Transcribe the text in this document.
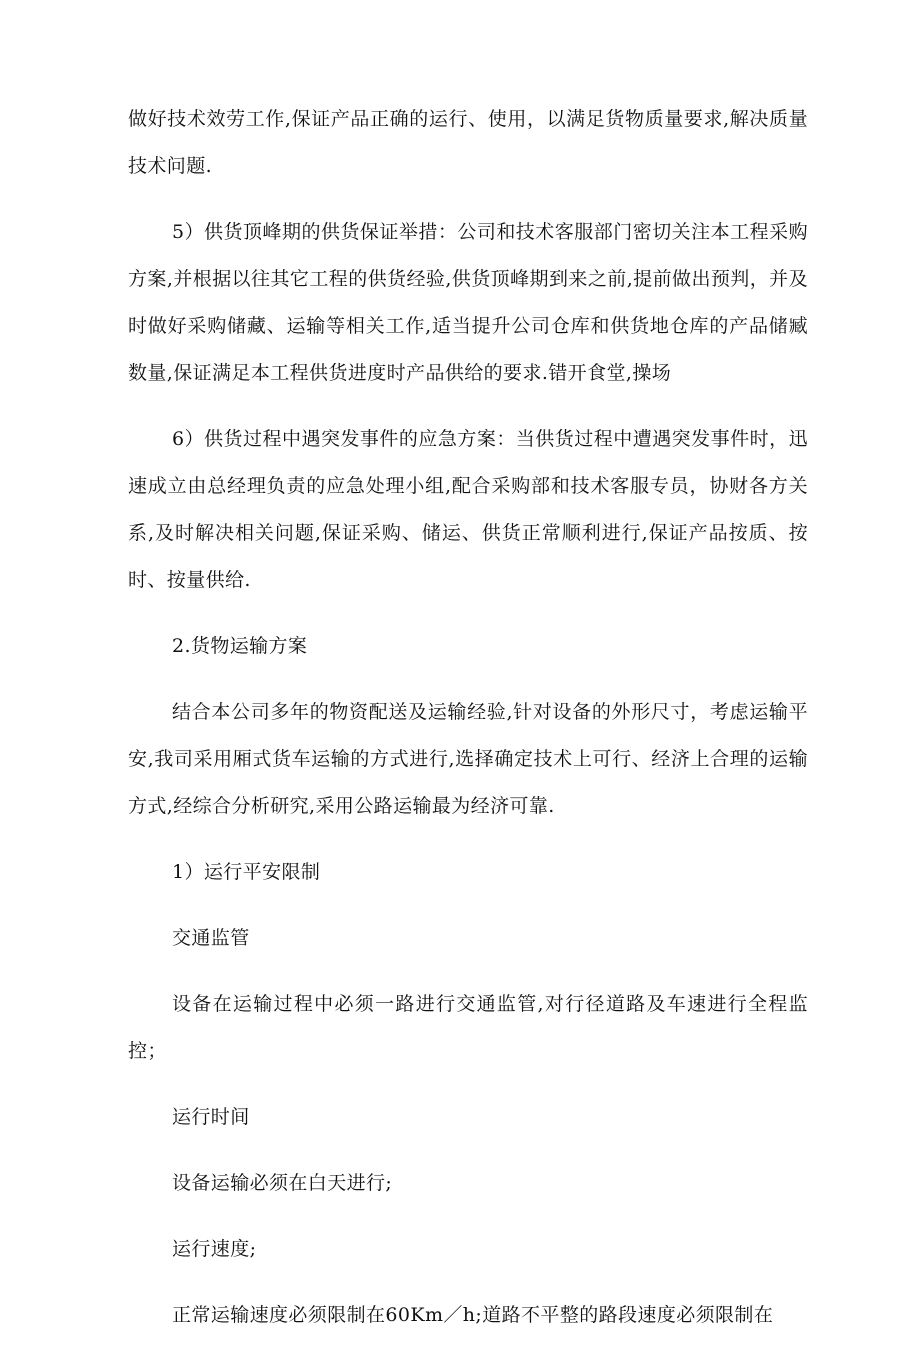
做好技术效劳工作,保证产品正确的运行、使用，以满足货物质量要求,解决质量技术问题.

5）供货顶峰期的供货保证举措：公司和技术客服部门密切关注本工程采购方案,并根据以往其它工程的供货经验,供货顶峰期到来之前,提前做出预判，并及时做好采购储藏、运输等相关工作,适当提升公司仓库和供货地仓库的产品储臧数量,保证满足本工程供货进度时产品供给的要求.错开食堂,操场

6）供货过程中遇突发事件的应急方案：当供货过程中遭遇突发事件时，迅速成立由总经理负责的应急处理小组,配合采购部和技术客服专员，协财各方关系,及时解决相关问题,保证采购、储运、供货正常顺利进行,保证产品按质、按时、按量供给.

2.货物运输方案

结合本公司多年的物资配送及运输经验,针对设备的外形尺寸，考虑运输平安,我司采用厢式货车运输的方式进行,选择确定技术上可行、经济上合理的运输方式,经综合分析研究,采用公路运输最为经济可靠.

1）运行平安限制

交通监管

设备在运输过程中必须一路进行交通监管,对行径道路及车速进行全程监控；

运行时间

设备运输必须在白天进行;

运行速度;

正常运输速度必须限制在60Km／h;道路不平整的路段速度必须限制在
